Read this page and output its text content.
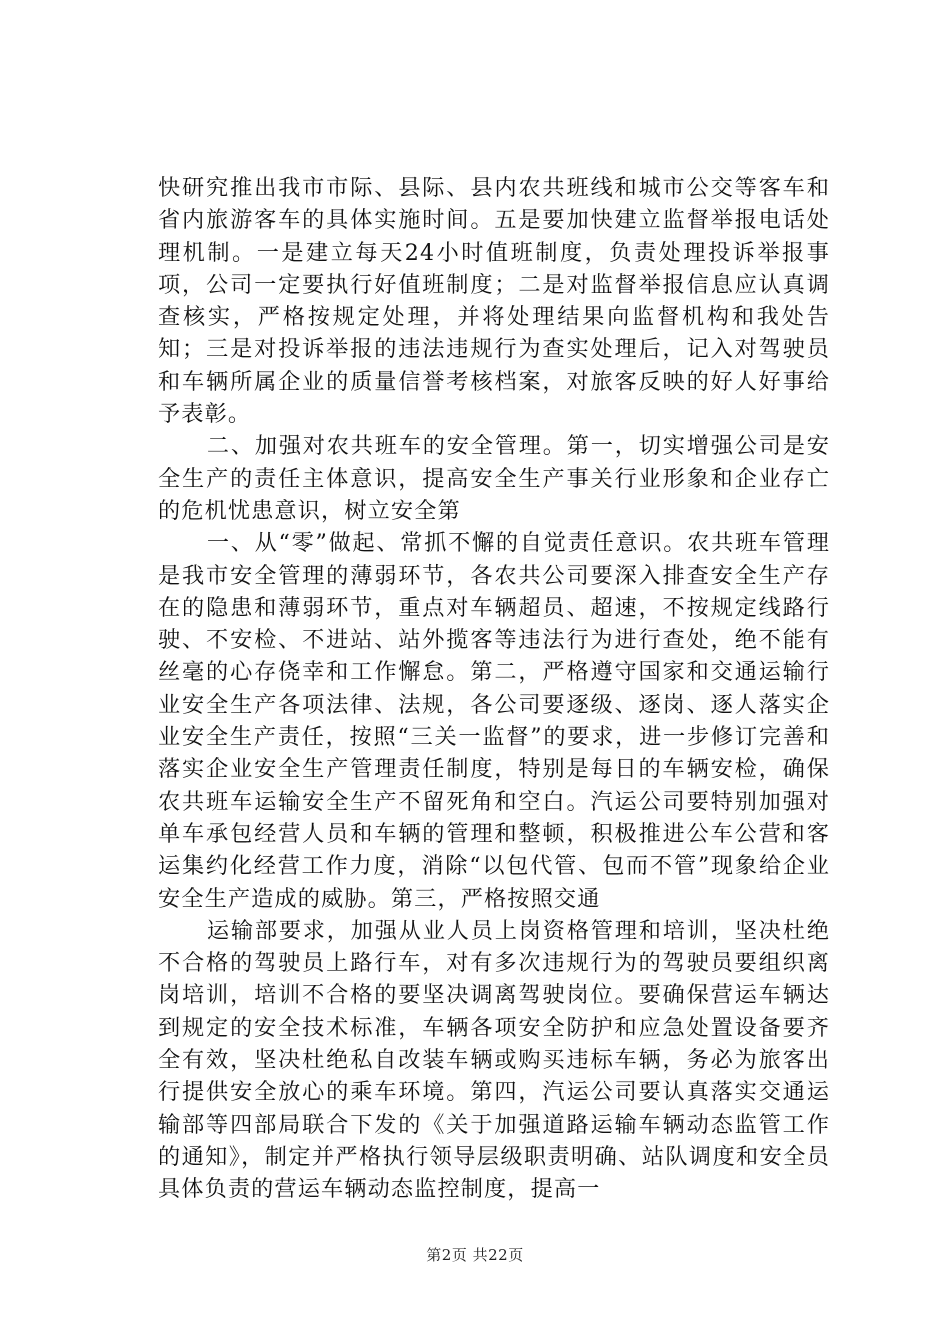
快研究推出我市市际、县际、县内农共班线和城市公交等客车和省内旅游客车的具体实施时间。五是要加快建立监督举报电话处理机制。一是建立每天24小时值班制度，负责处理投诉举报事项，公司一定要执行好值班制度；二是对监督举报信息应认真调查核实，严格按规定处理，并将处理结果向监督机构和我处告知；三是对投诉举报的违法违规行为查实处理后，记入对驾驶员和车辆所属企业的质量信誉考核档案，对旅客反映的好人好事给予表彰。

二、加强对农共班车的安全管理。第一，切实增强公司是安全生产的责任主体意识，提高安全生产事关行业形象和企业存亡的危机忧患意识，树立安全第

一、从“零”做起、常抓不懈的自觉责任意识。农共班车管理是我市安全管理的薄弱环节，各农共公司要深入排查安全生产存在的隐患和薄弱环节，重点对车辆超员、超速，不按规定线路行驶、不安检、不进站、站外揽客等违法行为进行查处，绝不能有丝毫的心存侥幸和工作懈怠。第二，严格遵守国家和交通运输行业安全生产各项法律、法规，各公司要逐级、逐岗、逐人落实企业安全生产责任，按照“三关一监督”的要求，进一步修订完善和落实企业安全生产管理责任制度，特别是每日的车辆安检，确保农共班车运输安全生产不留死角和空白。汽运公司要特别加强对单车承包经营人员和车辆的管理和整顿，积极推进公车公营和客运集约化经营工作力度，消除“以包代管、包而不管”现象给企业安全生产造成的威胁。第三，严格按照交通

运输部要求，加强从业人员上岗资格管理和培训，坚决杜绝不合格的驾驶员上路行车，对有多次违规行为的驾驶员要组织离岗培训，培训不合格的要坚决调离驾驶岗位。要确保营运车辆达到规定的安全技术标准，车辆各项安全防护和应急处置设备要齐全有效，坚决杜绝私自改装车辆或购买违标车辆，务必为旅客出行提供安全放心的乘车环境。第四，汽运公司要认真落实交通运输部等四部局联合下发的《关于加强道路运输车辆动态监管工作的通知》，制定并严格执行领导层级职责明确、站队调度和安全员具体负责的营运车辆动态监控制度，提高一

第2页 共22页
